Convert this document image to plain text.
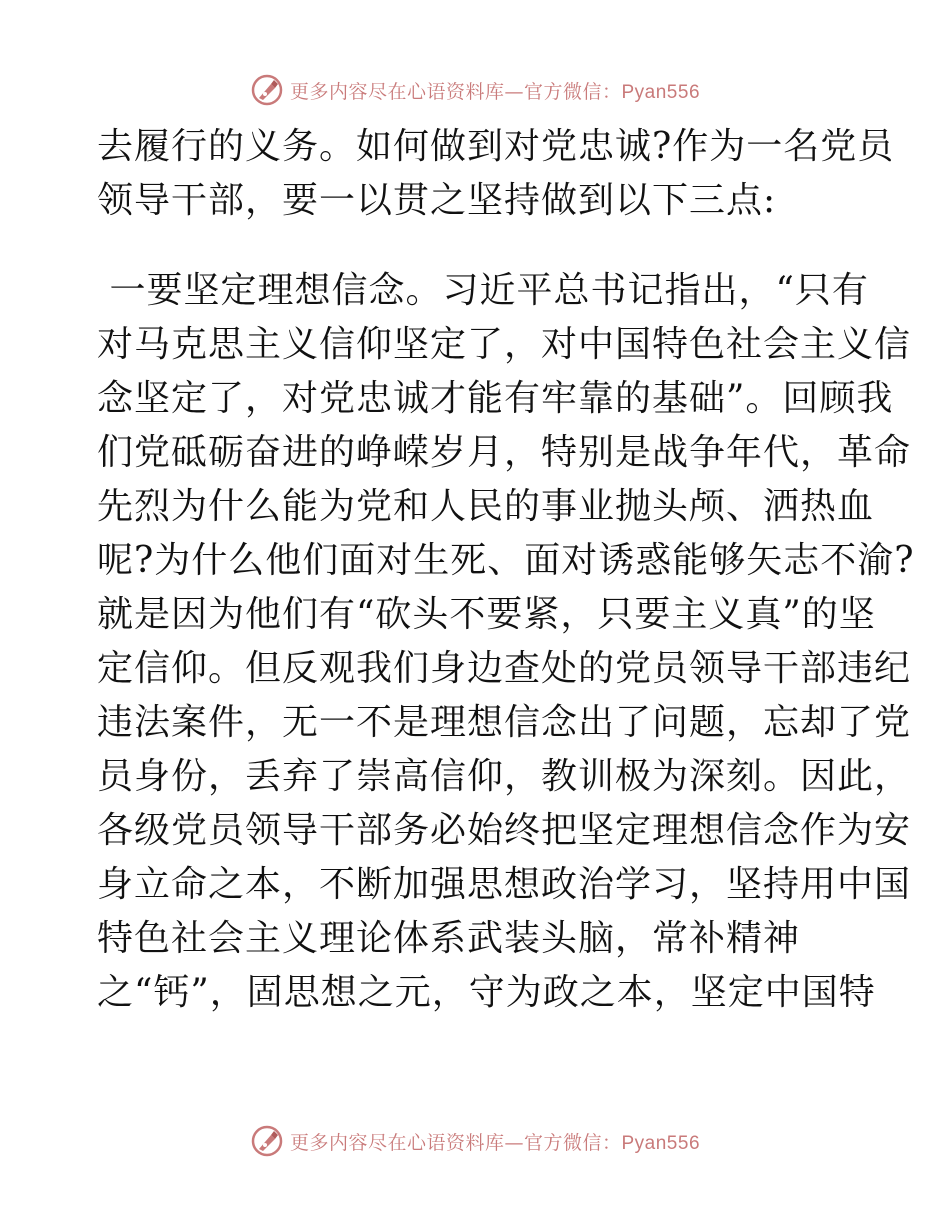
更多内容尽在心语资料库—官方微信：Pyan556
去履行的义务。如何做到对党忠诚?作为一名党员
领导干部，要一以贯之坚持做到以下三点:
一要坚定理想信念。习近平总书记指出，“只有
对马克思主义信仰坚定了，对中国特色社会主义信
念坚定了，对党忠诚才能有牢靠的基础”。回顾我
们党砥砺奋进的峥嵘岁月，特别是战争年代，革命
先烈为什么能为党和人民的事业抛头颅、洒热血
呢?为什么他们面对生死、面对诱惑能够矢志不渝?
就是因为他们有“砍头不要紧，只要主义真”的坚
定信仰。但反观我们身边查处的党员领导干部违纪
违法案件，无一不是理想信念出了问题，忘却了党
员身份，丢弃了崇高信仰，教训极为深刻。因此，
各级党员领导干部务必始终把坚定理想信念作为安
身立命之本，不断加强思想政治学习，坚持用中国
特色社会主义理论体系武装头脑，常补精神
之“钙”，固思想之元，守为政之本，坚定中国特
更多内容尽在心语资料库—官方微信：Pyan556
